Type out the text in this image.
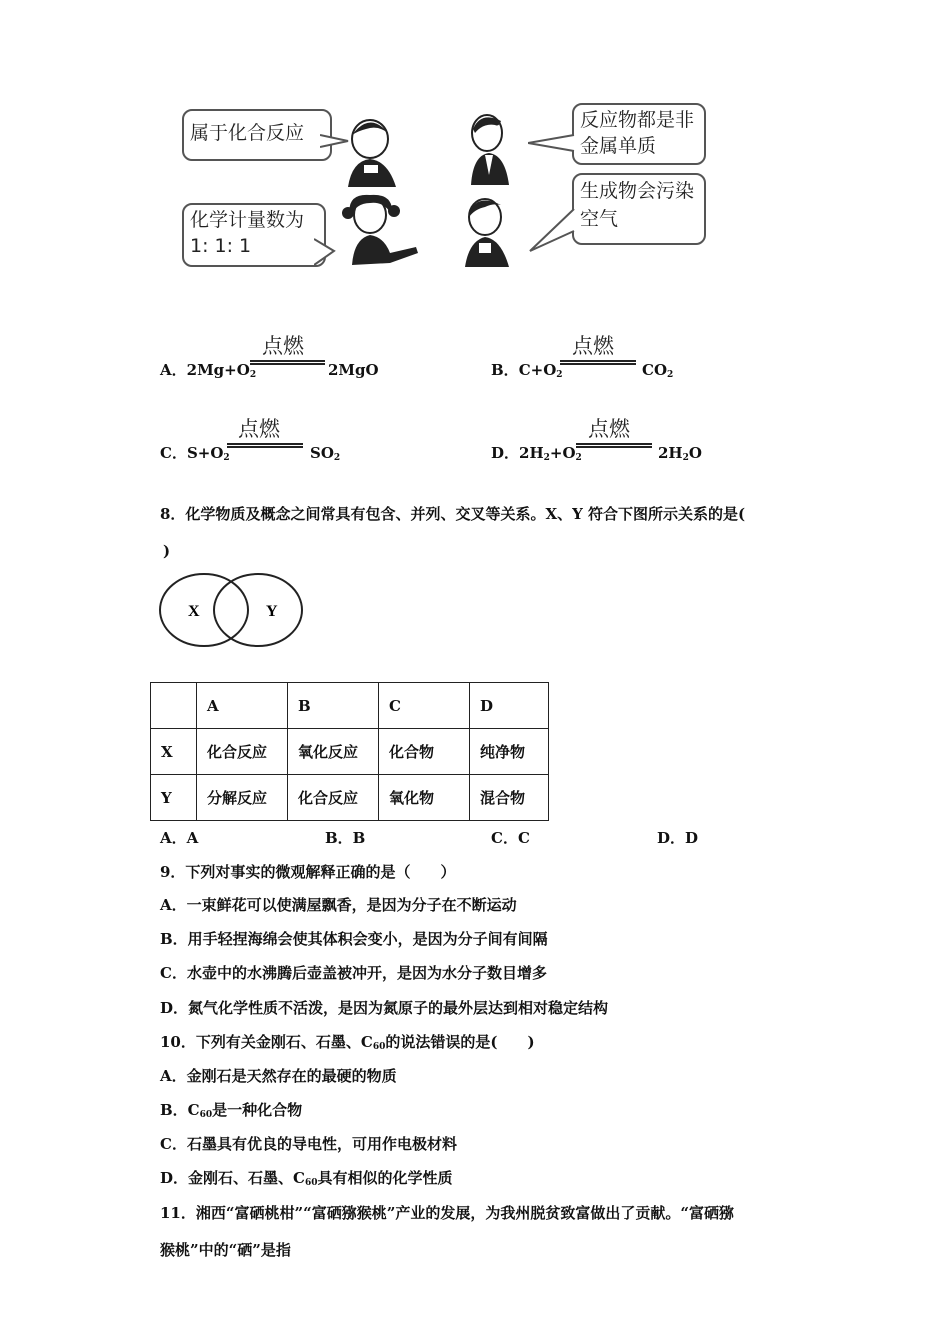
属于化合反应
反应物都是非
金属单质
化学计量数为
1: 1: 1
生成物会污染
空气
A．$2Mg+O_2$
点燃
2MgO	B．$C+O_2$
点燃
$CO_2$
C．$S+O_2$
点燃
$SO_2$	D．$2H_2+O_2$
点燃
$2H_2O$
8．化学物质及概念之间常具有包含、并列、交叉等关系。X、Y 符合下图所示关系的是(
)
X	Y
	A	B	C	D
X	化合反应	氧化反应	化合物	纯净物
Y	分解反应	化合反应	氧化物	混合物
A．A	B．B	C．C	D．D
9．下列对事实的微观解释正确的是（　　）
A．一束鲜花可以使满屋飘香，是因为分子在不断运动
B．用手轻捏海绵会使其体积会变小，是因为分子间有间隔
C．水壶中的水沸腾后壶盖被冲开，是因为水分子数目增多
D．氮气化学性质不活泼，是因为氮原子的最外层达到相对稳定结构
10．下列有关金刚石、石墨、$C_{60}$的说法错误的是(　　)
A．金刚石是天然存在的最硬的物质
B．$C_{60}$是一种化合物
C．石墨具有优良的导电性，可用作电极材料
D．金刚石、石墨、$C_{60}$具有相似的化学性质
11．湘西“富硒桃柑”“富硒猕猴桃”产业的发展，为我州脱贫致富做出了贡献。“富硒猕
猴桃”中的“硒”是指
